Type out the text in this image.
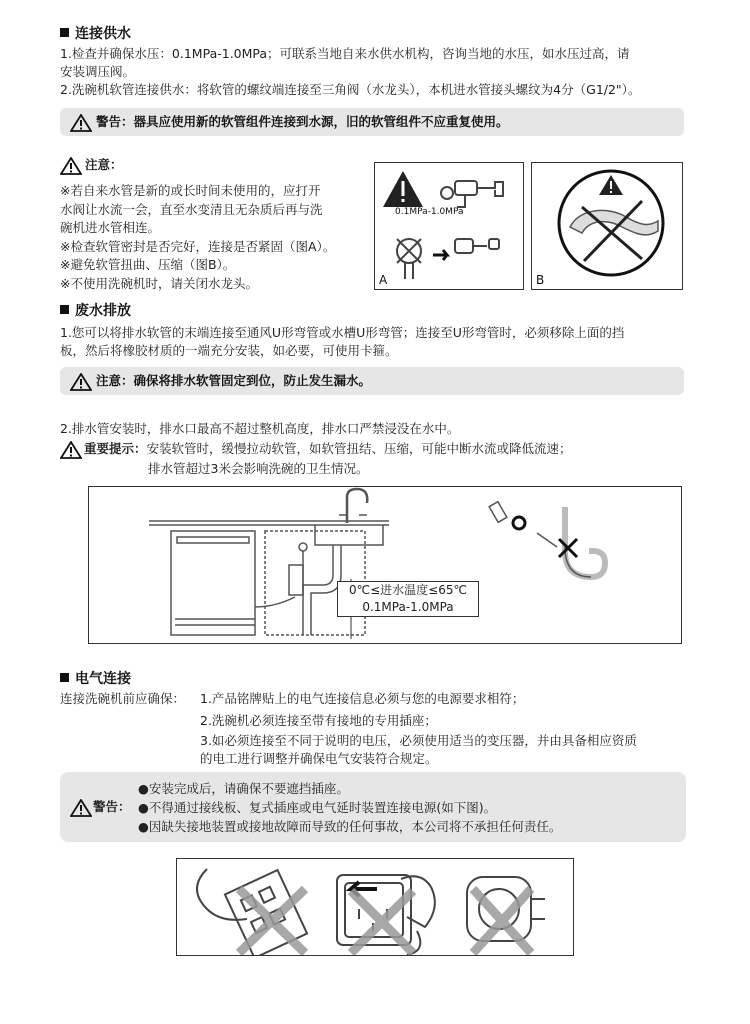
连接供水

1.检查并确保水压：0.1MPa-1.0MPa；可联系当地自来水供水机构，咨询当地的水压，如水压过高，请

安装调压阀。

2.洗碗机软管连接供水：将软管的螺纹端连接至三角阀（水龙头），本机进水管接头螺纹为4分（G1/2"）。

警告：器具应使用新的软管组件连接到水源，旧的软管组件不应重复使用。
注意：

※若自来水管是新的或长时间未使用的，应打开

水阀让水流一会，直至水变清且无杂质后再与洗

碗机进水管相连。

※检查软管密封是否完好，连接是否紧固（图A）。

※避免软管扭曲、压缩（图B）。

※不使用洗碗机时，请关闭水龙头。

0.1MPa-1.0MPa
A	B
废水排放

1.您可以将排水软管的末端连接至通风U形弯管或水槽U形弯管；连接至U形弯管时，必须移除上面的挡

板，然后将橡胶材质的一端充分安装，如必要，可使用卡箍。

注意：确保将排水软管固定到位，防止发生漏水。

2.排水管安装时，排水口最高不超过整机高度，排水口严禁浸没在水中。

重要提示：安装软管时，缓慢拉动软管，如软管扭结、压缩，可能中断水流或降低流速；

排水管超过3米会影响洗碗的卫生情况。

0℃≤进水温度≤65℃

0.1MPa-1.0MPa

电气连接

连接洗碗机前应确保： 1.产品铭牌贴上的电气连接信息必须与您的电源要求相符；

2.洗碗机必须连接至带有接地的专用插座；

3.如必须连接至不同于说明的电压，必须使用适当的变压器，并由具备相应资质

的电工进行调整并确保电气安装符合规定。

警告：

●安装完成后，请确保不要遮挡插座。

●不得通过接线板、复式插座或电气延时装置连接电源(如下图)。

●因缺失接地装置或接地故障而导致的任何事故，本公司将不承担任何责任。
